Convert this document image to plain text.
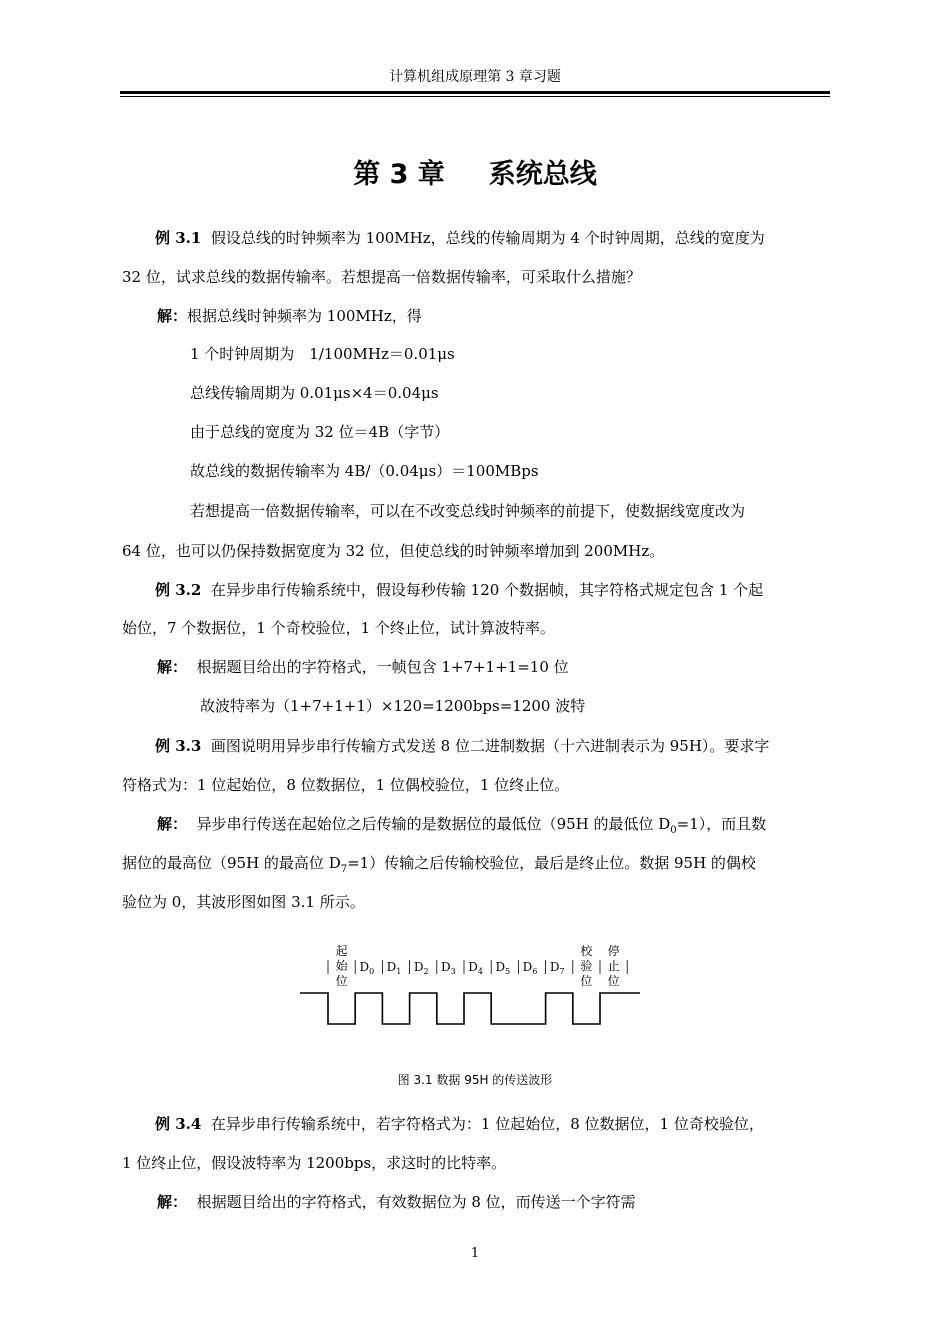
计算机组成原理第 3 章习题
第 3 章 系统总线
例 3.1 假设总线的时钟频率为 100MHz，总线的传输周期为 4 个时钟周期，总线的宽度为
32 位，试求总线的数据传输率。若想提高一倍数据传输率，可采取什么措施？
解：根据总线时钟频率为 100MHz，得
1 个时钟周期为　1/100MHz＝0.01μs
总线传输周期为 0.01μs×4＝0.04μs
由于总线的宽度为 32 位＝4B（字节）
故总线的数据传输率为 4B/（0.04μs）＝100MBps
若想提高一倍数据传输率，可以在不改变总线时钟频率的前提下，使数据线宽度改为
64 位，也可以仍保持数据宽度为 32 位，但使总线的时钟频率增加到 200MHz。
例 3.2 在异步串行传输系统中，假设每秒传输 120 个数据帧，其字符格式规定包含 1 个起
始位，7 个数据位，1 个奇校验位，1 个终止位，试计算波特率。
解： 根据题目给出的字符格式，一帧包含 1+7+1+1=10 位
故波特率为（1+7+1+1）×120=1200bps=1200 波特
例 3.3 画图说明用异步串行传输方式发送 8 位二进制数据（十六进制表示为 95H）。要求字
符格式为：1 位起始位，8 位数据位，1 位偶校验位，1 位终止位。
解： 异步串行传送在起始位之后传输的是数据位的最低位（95H 的最低位 $D_0=1$），而且数
据位的最高位（95H 的最高位 $D_7=1$）传输之后传输校验位，最后是终止位。数据 95H 的偶校
验位为 0，其波形图如图 3.1 所示。
起
始
位
$D_0$ $D_1$ $D_2$ $D_3$ $D_4$ $D_5$ $D_6$ $D_7$
校
验
位
停
止
位
图 3.1 数据 95H 的传送波形
例 3.4 在异步串行传输系统中，若字符格式为：1 位起始位，8 位数据位，1 位奇校验位，
1 位终止位，假设波特率为 1200bps，求这时的比特率。
解： 根据题目给出的字符格式，有效数据位为 8 位，而传送一个字符需
1
